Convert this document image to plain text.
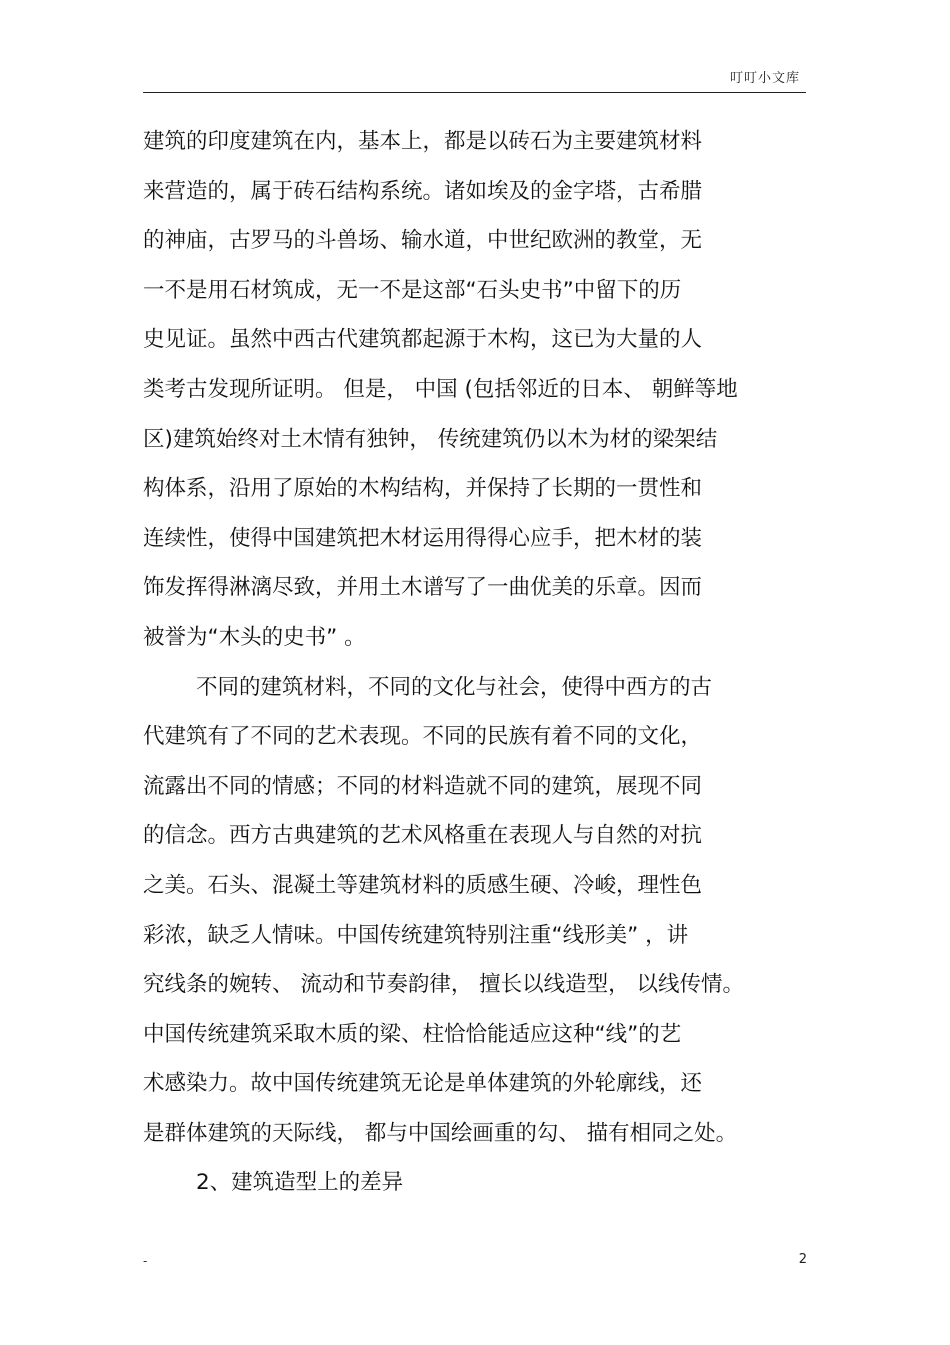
叮叮小文库
建筑的印度建筑在内，基本上，都是以砖石为主要建筑材料
来营造的，属于砖石结构系统。诸如埃及的金字塔，古希腊
的神庙，古罗马的斗兽场、输水道，中世纪欧洲的教堂，无
一不是用石材筑成，无一不是这部“石头史书”中留下的历
史见证。虽然中西古代建筑都起源于木构，这已为大量的人
类考古发现所证明。 但是， 中国 (包括邻近的日本、 朝鲜等地
区)建筑始终对土木情有独钟， 传统建筑仍以木为材的梁架结
构体系，沿用了原始的木构结构，并保持了长期的一贯性和
连续性，使得中国建筑把木材运用得得心应手，把木材的装
饰发挥得淋漓尽致，并用土木谱写了一曲优美的乐章。因而
被誉为“木头的史书” 。
不同的建筑材料，不同的文化与社会，使得中西方的古
代建筑有了不同的艺术表现。不同的民族有着不同的文化，
流露出不同的情感；不同的材料造就不同的建筑，展现不同
的信念。西方古典建筑的艺术风格重在表现人与自然的对抗
之美。石头、混凝土等建筑材料的质感生硬、冷峻，理性色
彩浓，缺乏人情味。中国传统建筑特别注重“线形美” ，讲
究线条的婉转、 流动和节奏韵律， 擅长以线造型， 以线传情。
中国传统建筑采取木质的梁、柱恰恰能适应这种“线”的艺
术感染力。故中国传统建筑无论是单体建筑的外轮廓线，还
是群体建筑的天际线， 都与中国绘画重的勾、 描有相同之处。
2、建筑造型上的差异
-	2
